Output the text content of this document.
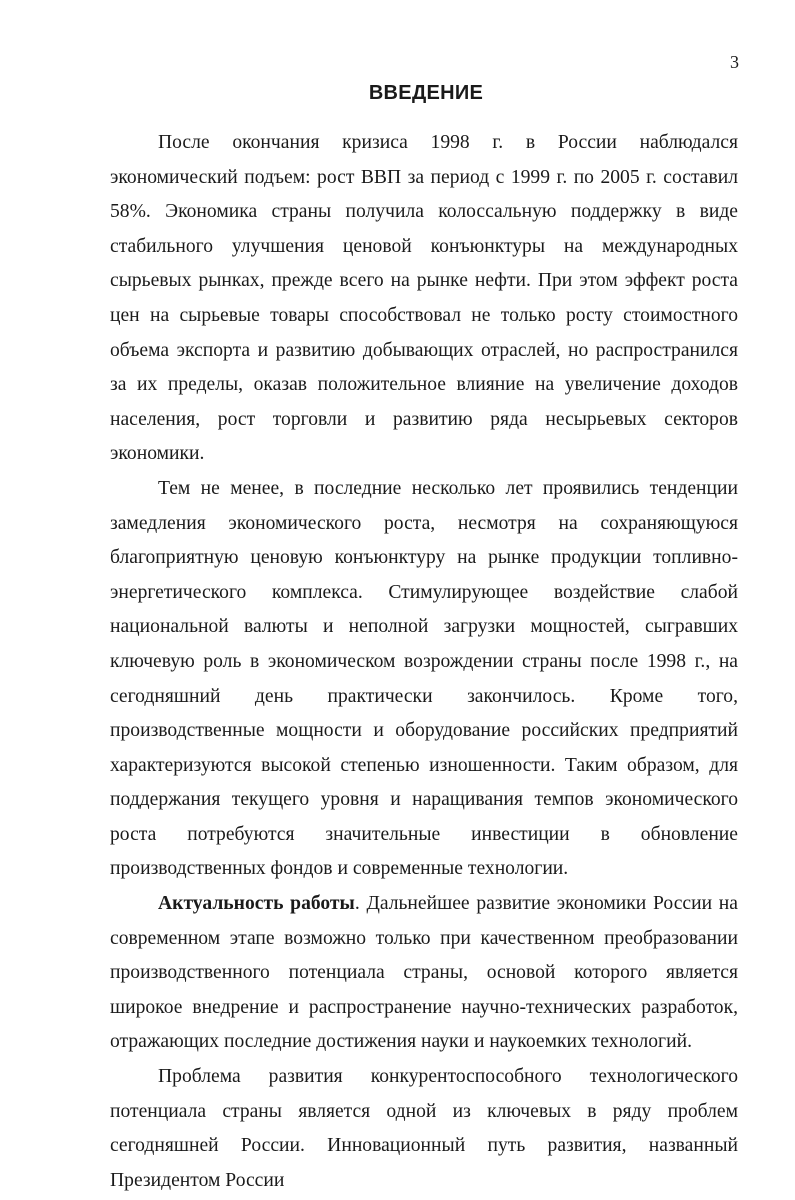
3
ВВЕДЕНИЕ

После окончания кризиса 1998 г. в России наблюдался экономический подъем: рост ВВП за период с 1999 г. по 2005 г. составил 58%. Экономика страны получила колоссальную поддержку в виде стабильного улучшения ценовой конъюнктуры на международных сырьевых рынках, прежде всего на рынке нефти. При этом эффект роста цен на сырьевые товары способствовал не только росту стоимостного объема экспорта и развитию добывающих отраслей, но распространился за их пределы, оказав положительное влияние на увеличение доходов населения, рост торговли и развитию ряда несырьевых секторов экономики.

Тем не менее, в последние несколько лет проявились тенденции замедления экономического роста, несмотря на сохраняющуюся благоприятную ценовую конъюнктуру на рынке продукции топливно-энергетического комплекса. Стимулирующее воздействие слабой национальной валюты и неполной загрузки мощностей, сыгравших ключевую роль в экономическом возрождении страны после 1998 г., на сегодняшний день практически закончилось. Кроме того, производственные мощности и оборудование российских предприятий характеризуются высокой степенью изношенности. Таким образом, для поддержания текущего уровня и наращивания темпов экономического роста потребуются значительные инвестиции в обновление производственных фондов и современные технологии.

Актуальность работы. Дальнейшее развитие экономики России на современном этапе возможно только при качественном преобразовании производственного потенциала страны, основой которого является широкое внедрение и распространение научно-технических разработок, отражающих последние достижения науки и наукоемких технологий.

Проблема развития конкурентоспособного технологического потенциала страны является одной из ключевых в ряду проблем сегодняшней России. Инновационный путь развития, названный Президентом России
